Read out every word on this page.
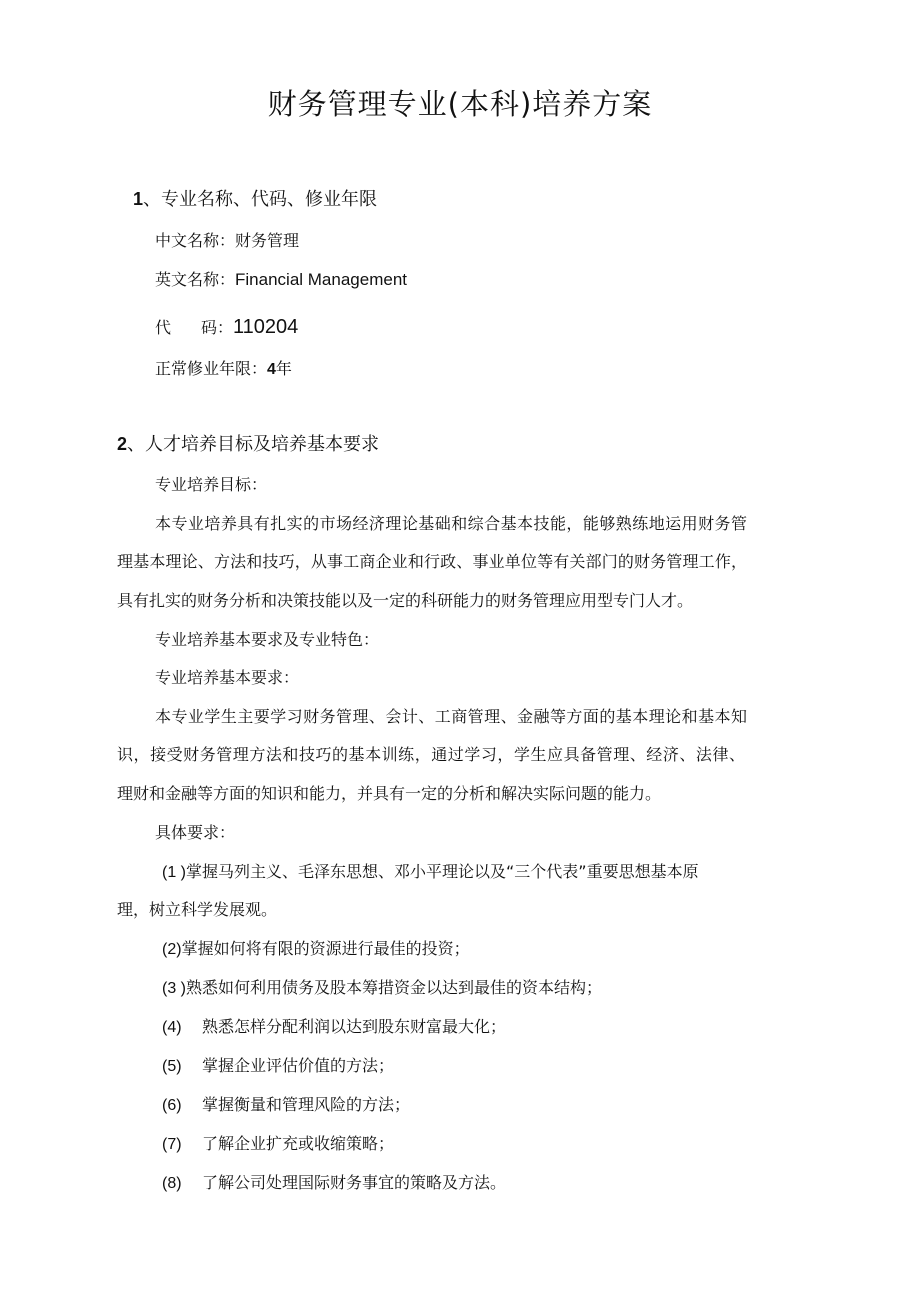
财务管理专业(本科)培养方案
1、专业名称、代码、修业年限
中文名称：财务管理
英文名称：Financial Management
代 码：110204
正常修业年限：4年
2、人才培养目标及培养基本要求
专业培养目标：
本专业培养具有扎实的市场经济理论基础和综合基本技能，能够熟练地运用财务管
理基本理论、方法和技巧，从事工商企业和行政、事业单位等有关部门的财务管理工作，
具有扎实的财务分析和决策技能以及一定的科研能力的财务管理应用型专门人才。
专业培养基本要求及专业特色：
专业培养基本要求：
本专业学生主要学习财务管理、会计、工商管理、金融等方面的基本理论和基本知
识，接受财务管理方法和技巧的基本训练，通过学习，学生应具备管理、经济、法律、
理财和金融等方面的知识和能力，并具有一定的分析和解决实际问题的能力。
具体要求：
(1 )掌握马列主义、毛泽东思想、邓小平理论以及“三个代表”重要思想基本原
理，树立科学发展观。
(2)掌握如何将有限的资源进行最佳的投资；
(3 )熟悉如何利用债务及股本筹措资金以达到最佳的资本结构；
(4) 熟悉怎样分配利润以达到股东财富最大化；
(5) 掌握企业评估价值的方法；
(6) 掌握衡量和管理风险的方法；
(7) 了解企业扩充或收缩策略；
(8) 了解公司处理国际财务事宜的策略及方法。
